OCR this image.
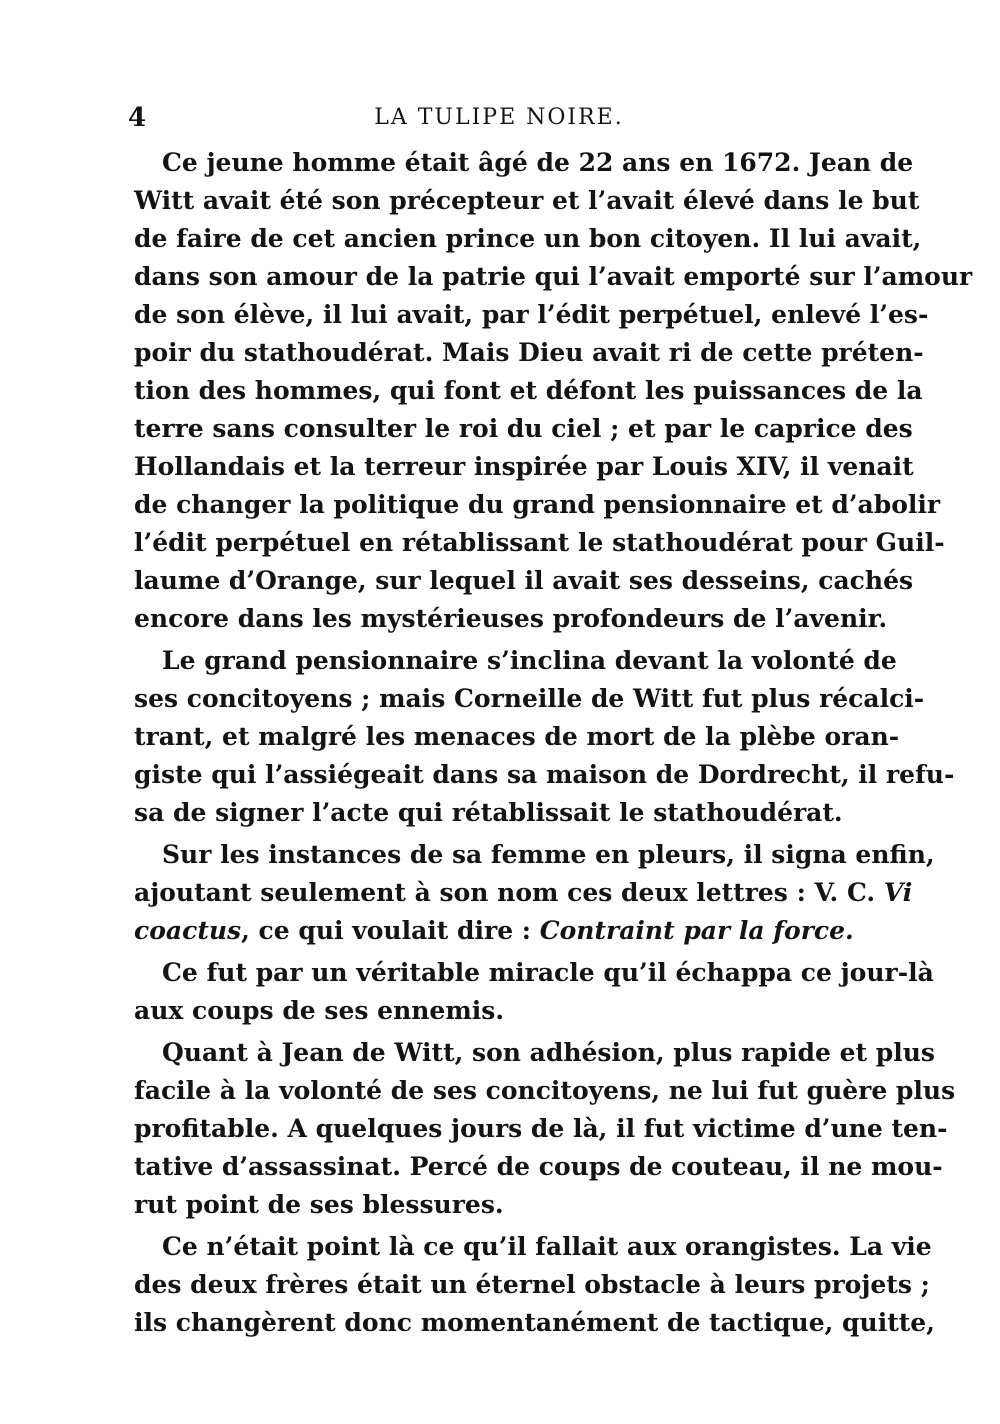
4	LA TULIPE NOIRE.
Ce jeune homme était âgé de 22 ans en 1672. Jean de
Witt avait été son précepteur et l’avait élevé dans le but
de faire de cet ancien prince un bon citoyen. Il lui avait,
dans son amour de la patrie qui l’avait emporté sur l’amour
de son élève, il lui avait, par l’édit perpétuel, enlevé l’es-
poir du stathoudérat. Mais Dieu avait ri de cette préten-
tion des hommes, qui font et défont les puissances de la
terre sans consulter le roi du ciel ; et par le caprice des
Hollandais et la terreur inspirée par Louis XIV, il venait
de changer la politique du grand pensionnaire et d’abolir
l’édit perpétuel en rétablissant le stathoudérat pour Guil-
laume d’Orange, sur lequel il avait ses desseins, cachés
encore dans les mystérieuses profondeurs de l’avenir.
Le grand pensionnaire s’inclina devant la volonté de
ses concitoyens ; mais Corneille de Witt fut plus récalci-
trant, et malgré les menaces de mort de la plèbe oran-
giste qui l’assiégeait dans sa maison de Dordrecht, il refu-
sa de signer l’acte qui rétablissait le stathoudérat.
Sur les instances de sa femme en pleurs, il signa enfin,
ajoutant seulement à son nom ces deux lettres : V. C. Vi
coactus, ce qui voulait dire : Contraint par la force.
Ce fut par un véritable miracle qu’il échappa ce jour-là
aux coups de ses ennemis.
Quant à Jean de Witt, son adhésion, plus rapide et plus
facile à la volonté de ses concitoyens, ne lui fut guère plus
profitable. A quelques jours de là, il fut victime d’une ten-
tative d’assassinat. Percé de coups de couteau, il ne mou-
rut point de ses blessures.
Ce n’était point là ce qu’il fallait aux orangistes. La vie
des deux frères était un éternel obstacle à leurs projets ;
ils changèrent donc momentanément de tactique, quitte,
